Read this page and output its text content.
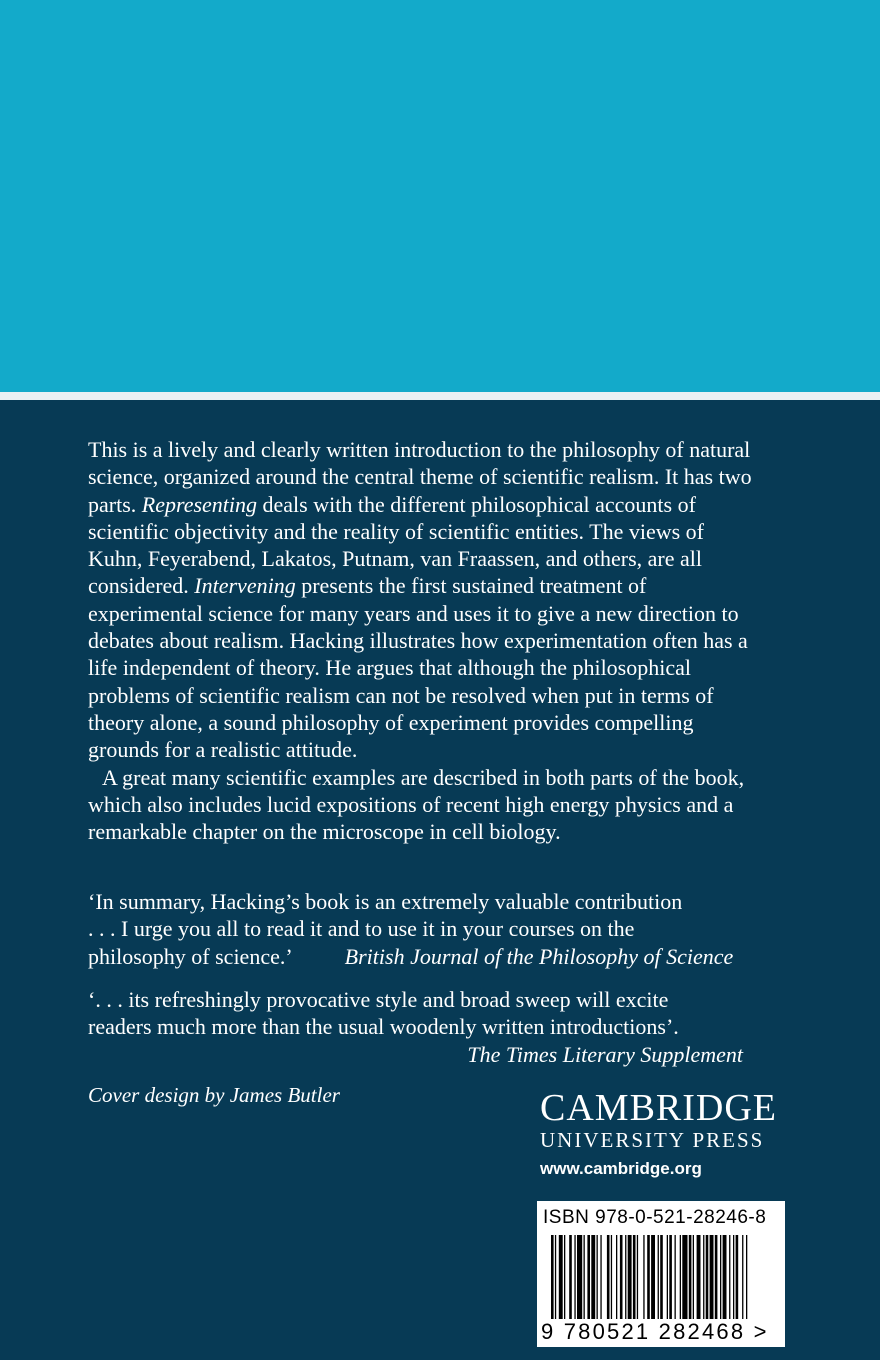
This is a lively and clearly written introduction to the philosophy of natural science, organized around the central theme of scientific realism. It has two parts. Representing deals with the different philosophical accounts of scientific objectivity and the reality of scientific entities. The views of Kuhn, Feyerabend, Lakatos, Putnam, van Fraassen, and others, are all considered. Intervening presents the first sustained treatment of experimental science for many years and uses it to give a new direction to debates about realism. Hacking illustrates how experimentation often has a life independent of theory. He argues that although the philosophical problems of scientific realism can not be resolved when put in terms of theory alone, a sound philosophy of experiment provides compelling grounds for a realistic attitude.

A great many scientific examples are described in both parts of the book, which also includes lucid expositions of recent high energy physics and a remarkable chapter on the microscope in cell biology.

‘In summary, Hacking’s book is an extremely valuable contribution
. . . I urge you all to read it and to use it in your courses on the
philosophy of science.’ British Journal of the Philosophy of Science
‘. . . its refreshingly provocative style and broad sweep will excite
readers much more than the usual woodenly written introductions’.
The Times Literary Supplement
Cover design by James Butler	CAMBRIDGE
UNIVERSITY PRESS
www.cambridge.org
ISBN 978-0-521-28246-8
9 780521 282468 >
